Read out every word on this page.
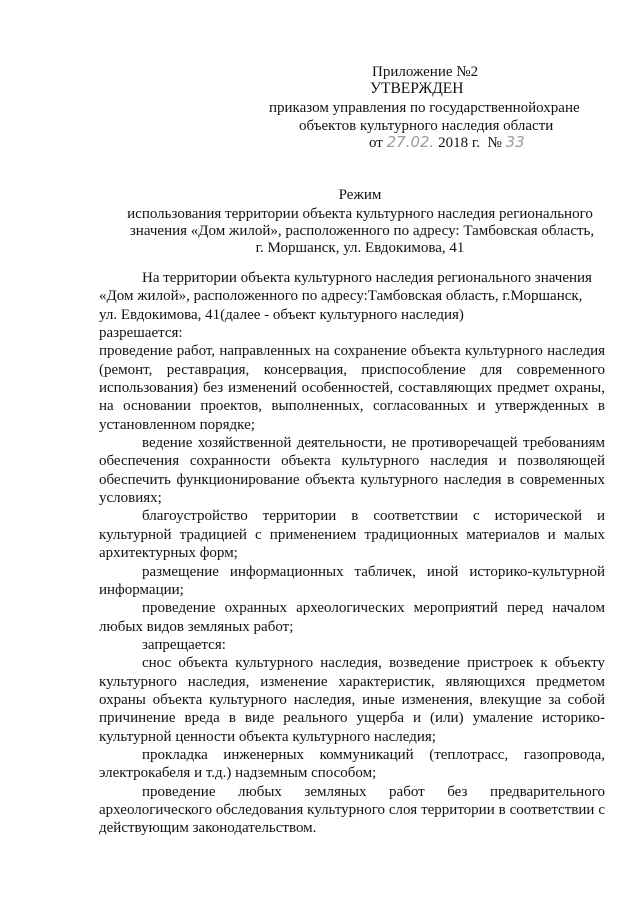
Приложение №2
УТВЕРЖДЕН
приказом управления по государственнойохране
объектов культурного наследия области
от 27.02. 2018 г. № 33
Режим
использования территории объекта культурного наследия регионального
значения «Дом жилой», расположенного по адресу: Тамбовская область,
г. Моршанск, ул. Евдокимова, 41

На территории объекта культурного наследия регионального значения

«Дом жилой», расположенного по адресу:Тамбовская область, г.Моршанск,

ул. Евдокимова, 41(далее - объект культурного наследия)

разрешается:

проведение работ, направленных на сохранение объекта культурного наследия (ремонт, реставрация, консервация, приспособление для современного использования) без изменений особенностей, составляющих предмет охраны, на основании проектов, выполненных, согласованных и утвержденных в установленном порядке;

ведение хозяйственной деятельности, не противоречащей требованиям обеспечения сохранности объекта культурного наследия и позволяющей обеспечить функционирование объекта культурного наследия в современных условиях;

благоустройство территории в соответствии с исторической и культурной традицией с применением традиционных материалов и малых архитектурных форм;

размещение информационных табличек, иной историко-культурной информации;

проведение охранных археологических мероприятий перед началом любых видов земляных работ;

запрещается:

снос объекта культурного наследия, возведение пристроек к объекту культурного наследия, изменение характеристик, являющихся предметом охраны объекта культурного наследия, иные изменения, влекущие за собой причинение вреда в виде реального ущерба и (или) умаление историко-культурной ценности объекта культурного наследия;

прокладка инженерных коммуникаций (теплотрасс, газопровода, электрокабеля и т.д.) надземным способом;

проведение любых земляных работ без предварительного археологического обследования культурного слоя территории в соответствии с действующим законодательством.
